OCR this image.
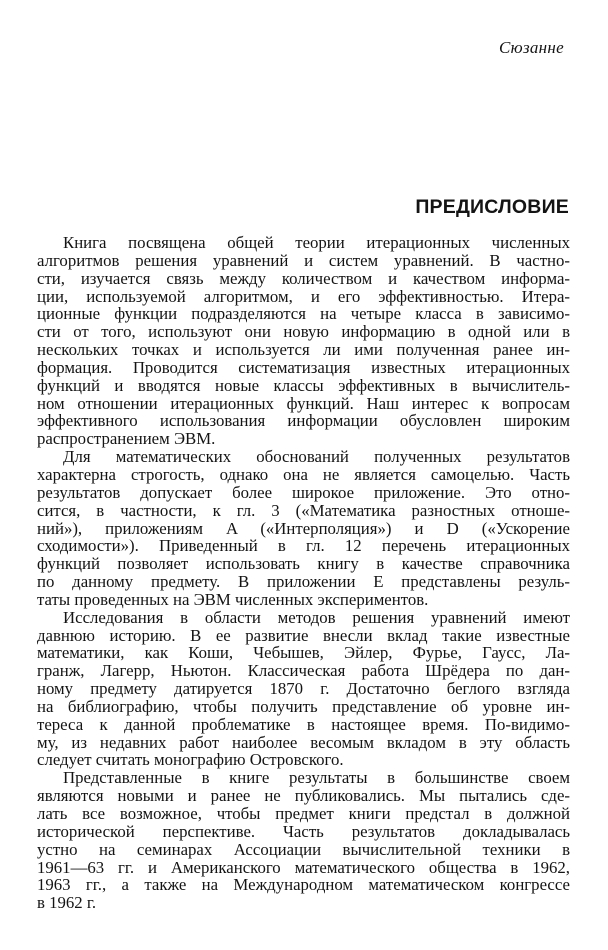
Сюзанне
ПРЕДИСЛОВИЕ

Книга посвящена общей теории итерационных численных
алгоритмов решения уравнений и систем уравнений. В частно-
сти, изучается связь между количеством и качеством информа-
ции, используемой алгоритмом, и его эффективностью. Итера-
ционные функции подразделяются на четыре класса в зависимо-
сти от того, используют они новую информацию в одной или в
нескольких точках и используется ли ими полученная ранее ин-
формация. Проводится систематизация известных итерационных
функций и вводятся новые классы эффективных в вычислитель-
ном отношении итерационных функций. Наш интерес к вопросам
эффективного использования информации обусловлен широким
распространением ЭВМ.

Для математических обоснований полученных результатов
характерна строгость, однако она не является самоцелью. Часть
результатов допускает более широкое приложение. Это отно-
сится, в частности, к гл. 3 («Математика разностных отноше-
ний»), приложениям A («Интерполяция») и D («Ускорение
сходимости»). Приведенный в гл. 12 перечень итерационных
функций позволяет использовать книгу в качестве справочника
по данному предмету. В приложении E представлены резуль-
таты проведенных на ЭВМ численных экспериментов.

Исследования в области методов решения уравнений имеют
давнюю историю. В ее развитие внесли вклад такие известные
математики, как Коши, Чебышев, Эйлер, Фурье, Гаусс, Ла-
гранж, Лагерр, Ньютон. Классическая работа Шрёдера по дан-
ному предмету датируется 1870 г. Достаточно беглого взгляда
на библиографию, чтобы получить представление об уровне ин-
тереса к данной проблематике в настоящее время. По-видимо-
му, из недавних работ наиболее весомым вкладом в эту область
следует считать монографию Островского.

Представленные в книге результаты в большинстве своем
являются новыми и ранее не публиковались. Мы пытались сде-
лать все возможное, чтобы предмет книги предстал в должной
исторической перспективе. Часть результатов докладывалась
устно на семинарах Ассоциации вычислительной техники в
1961—63 гг. и Американского математического общества в 1962,
1963 гг., а также на Международном математическом конгрессе
в 1962 г.
